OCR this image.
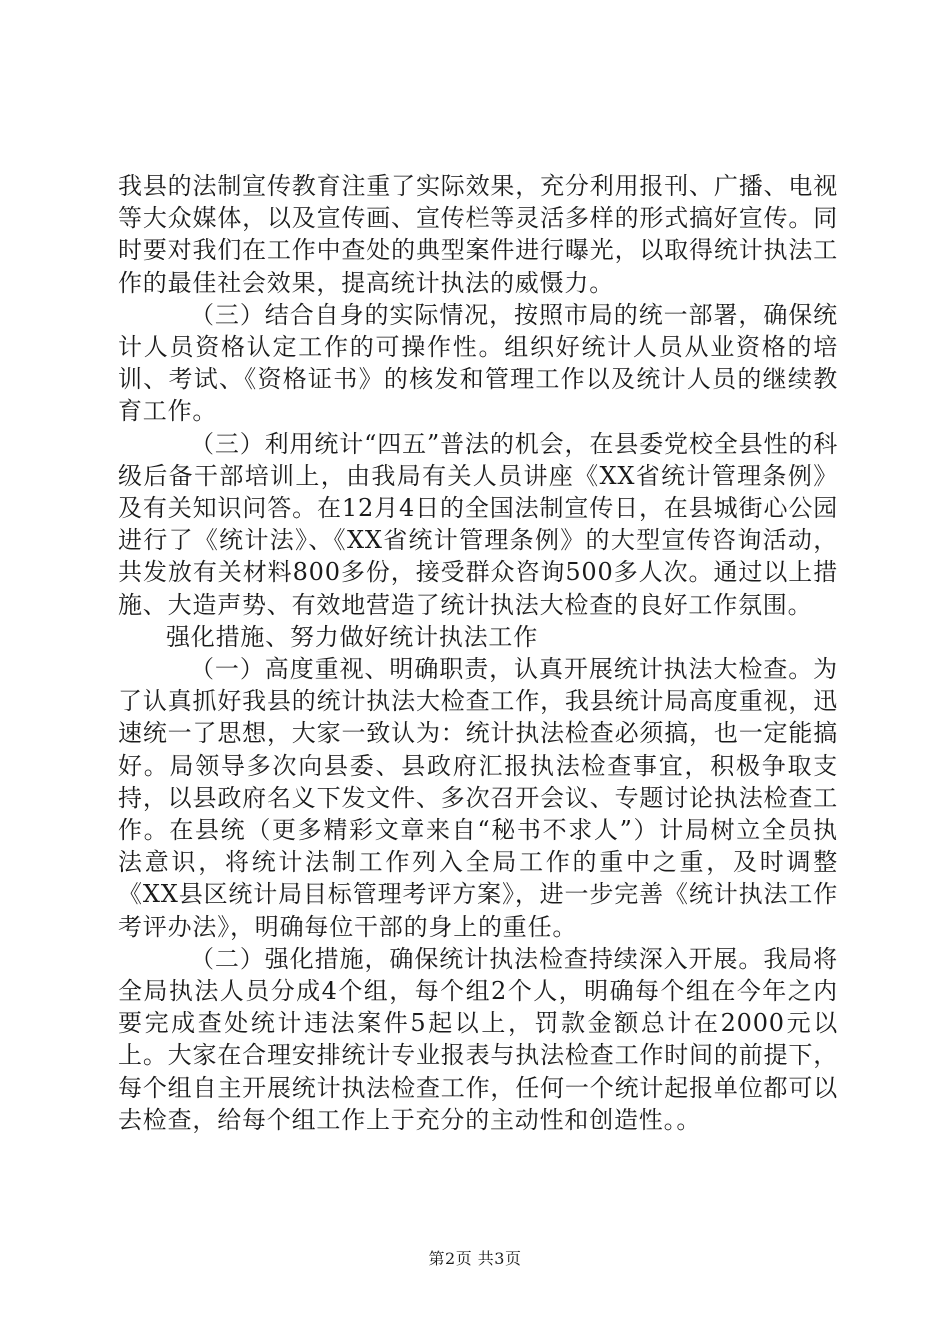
我县的法制宣传教育注重了实际效果，充分利用报刊、广播、电视等大众媒体，以及宣传画、宣传栏等灵活多样的形式搞好宣传。同时要对我们在工作中查处的典型案件进行曝光，以取得统计执法工作的最佳社会效果，提高统计执法的威慑力。

（三）结合自身的实际情况，按照市局的统一部署，确保统计人员资格认定工作的可操作性。组织好统计人员从业资格的培训、考试、《资格证书》的核发和管理工作以及统计人员的继续教育工作。

（三）利用统计“四五”普法的机会，在县委党校全县性的科级后备干部培训上，由我局有关人员讲座《XX省统计管理条例》及有关知识问答。在12月4日的全国法制宣传日，在县城街心公园进行了《统计法》、《XX省统计管理条例》的大型宣传咨询活动，共发放有关材料800多份，接受群众咨询500多人次。通过以上措施、大造声势、有效地营造了统计执法大检查的良好工作氛围。

强化措施、努力做好统计执法工作

（一）高度重视、明确职责，认真开展统计执法大检查。为了认真抓好我县的统计执法大检查工作，我县统计局高度重视，迅速统一了思想，大家一致认为：统计执法检查必须搞，也一定能搞好。局领导多次向县委、县政府汇报执法检查事宜，积极争取支持，以县政府名义下发文件、多次召开会议、专题讨论执法检查工作。在县统（更多精彩文章来自“秘书不求人”）计局树立全员执法意识，将统计法制工作列入全局工作的重中之重，及时调整《XX县区统计局目标管理考评方案》，进一步完善《统计执法工作考评办法》，明确每位干部的身上的重任。

（二）强化措施，确保统计执法检查持续深入开展。我局将全局执法人员分成4个组，每个组2个人，明确每个组在今年之内要完成查处统计违法案件5起以上，罚款金额总计在2000元以上。大家在合理安排统计专业报表与执法检查工作时间的前提下，每个组自主开展统计执法检查工作，任何一个统计起报单位都可以去检查，给每个组工作上于充分的主动性和创造性。。

第2页 共3页
